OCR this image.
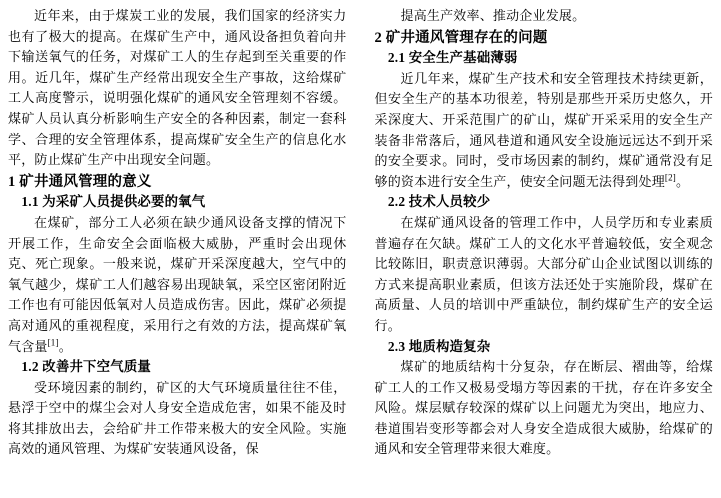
近年来，由于煤炭工业的发展，我们国家的经济实力也有了极大的提高。在煤矿生产中，通风设备担负着向井下输送氧气的任务，对煤矿工人的生存起到至关重要的作用。近几年，煤矿生产经常出现安全生产事故，这给煤矿工人高度警示，说明强化煤矿的通风安全管理刻不容缓。煤矿人员认真分析影响生产安全的各种因素，制定一套科学、合理的安全管理体系，提高煤矿安全生产的信息化水平，防止煤矿生产中出现安全问题。

1 矿井通风管理的意义
1.1 为采矿人员提供必要的氧气

在煤矿，部分工人必须在缺少通风设备支撑的情况下开展工作，生命安全会面临极大威胁，严重时会出现休克、死亡现象。一般来说，煤矿开采深度越大，空气中的氧气越少，煤矿工人们越容易出现缺氧，采空区密闭附近工作也有可能因低氧对人员造成伤害。因此，煤矿必须提高对通风的重视程度，采用行之有效的方法，提高煤矿氧气含量[1]。

1.2 改善井下空气质量

受环境因素的制约，矿区的大气环境质量往往不佳，悬浮于空中的煤尘会对人身安全造成危害，如果不能及时将其排放出去，会给矿井工作带来极大的安全风险。实施高效的通风管理、为煤矿安装通风设备，保

提高生产效率、推动企业发展。

2 矿井通风管理存在的问题
2.1 安全生产基础薄弱

近几年来，煤矿生产技术和安全管理技术持续更新，但安全生产的基本功很差，特别是那些开采历史悠久，开采深度大、开采范围广的矿山，煤矿开采采用的安全生产装备非常落后，通风巷道和通风安全设施远远达不到开采的安全要求。同时，受市场因素的制约，煤矿通常没有足够的资本进行安全生产，使安全问题无法得到处理[2]。

2.2 技术人员较少

在煤矿通风设备的管理工作中，人员学历和专业素质普遍存在欠缺。煤矿工人的文化水平普遍较低，安全观念比较陈旧，职责意识薄弱。大部分矿山企业试图以训练的方式来提高职业素质，但该方法还处于实施阶段，煤矿在高质量、人员的培训中严重缺位，制约煤矿生产的安全运行。

2.3 地质构造复杂

煤矿的地质结构十分复杂，存在断层、褶曲等，给煤矿工人的工作又极易受塌方等因素的干扰，存在许多安全风险。煤层赋存较深的煤矿以上问题尤为突出，地应力、巷道围岩变形等都会对人身安全造成很大威胁，给煤矿的通风和安全管理带来很大难度。
